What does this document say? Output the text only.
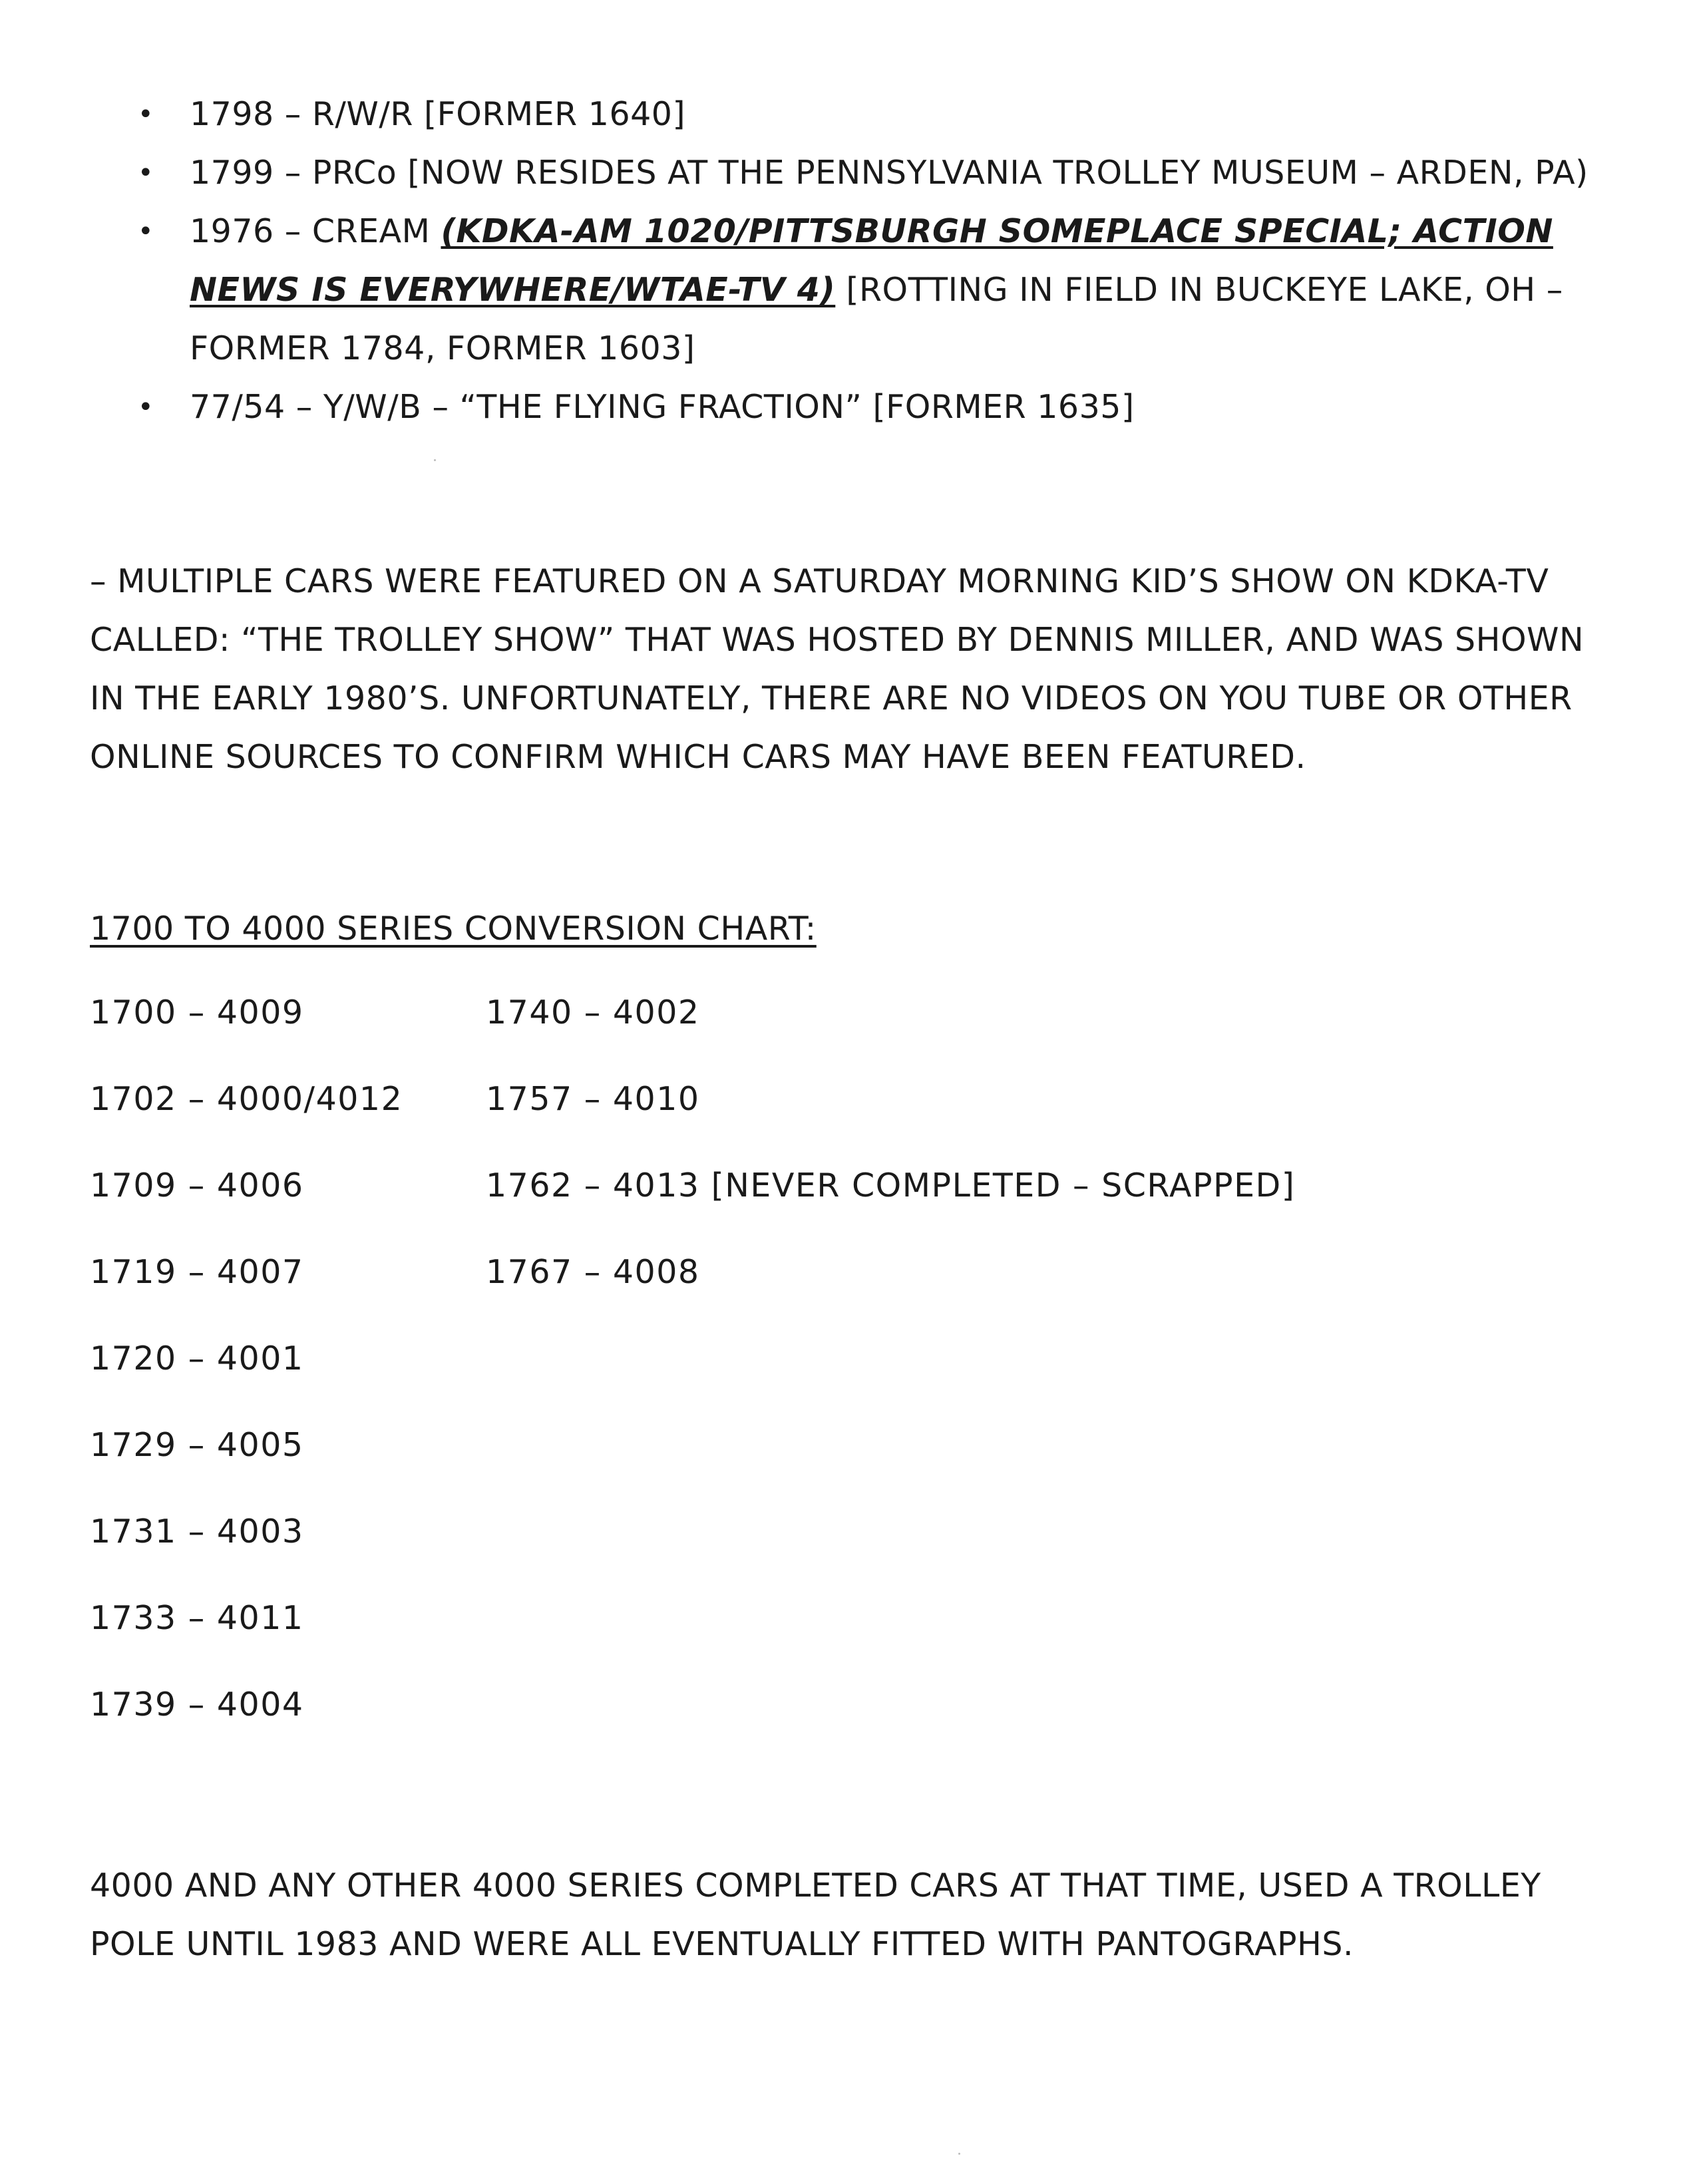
• 1798 – R/W/R [FORMER 1640]
• 1799 – PRCo [NOW RESIDES AT THE PENNSYLVANIA TROLLEY MUSEUM – ARDEN, PA)
• 1976 – CREAM (KDKA-AM 1020/PITTSBURGH SOMEPLACE SPECIAL; ACTION NEWS IS EVERYWHERE/WTAE-TV 4) [ROTTING IN FIELD IN BUCKEYE LAKE, OH – FORMER 1784, FORMER 1603]
• 77/54 – Y/W/B – “THE FLYING FRACTION” [FORMER 1635]

– MULTIPLE CARS WERE FEATURED ON A SATURDAY MORNING KID’S SHOW ON KDKA-TV CALLED: “THE TROLLEY SHOW” THAT WAS HOSTED BY DENNIS MILLER, AND WAS SHOWN IN THE EARLY 1980’S. UNFORTUNATELY, THERE ARE NO VIDEOS ON YOU TUBE OR OTHER ONLINE SOURCES TO CONFIRM WHICH CARS MAY HAVE BEEN FEATURED.

1700 TO 4000 SERIES CONVERSION CHART:
1700 – 4009
1702 – 4000/4012
1709 – 4006
1719 – 4007
1720 – 4001
1729 – 4005
1731 – 4003
1733 – 4011
1739 – 4004
1740 – 4002
1757 – 4010
1762 – 4013 [NEVER COMPLETED – SCRAPPED]
1767 – 4008

4000 AND ANY OTHER 4000 SERIES COMPLETED CARS AT THAT TIME, USED A TROLLEY POLE UNTIL 1983 AND WERE ALL EVENTUALLY FITTED WITH PANTOGRAPHS.
